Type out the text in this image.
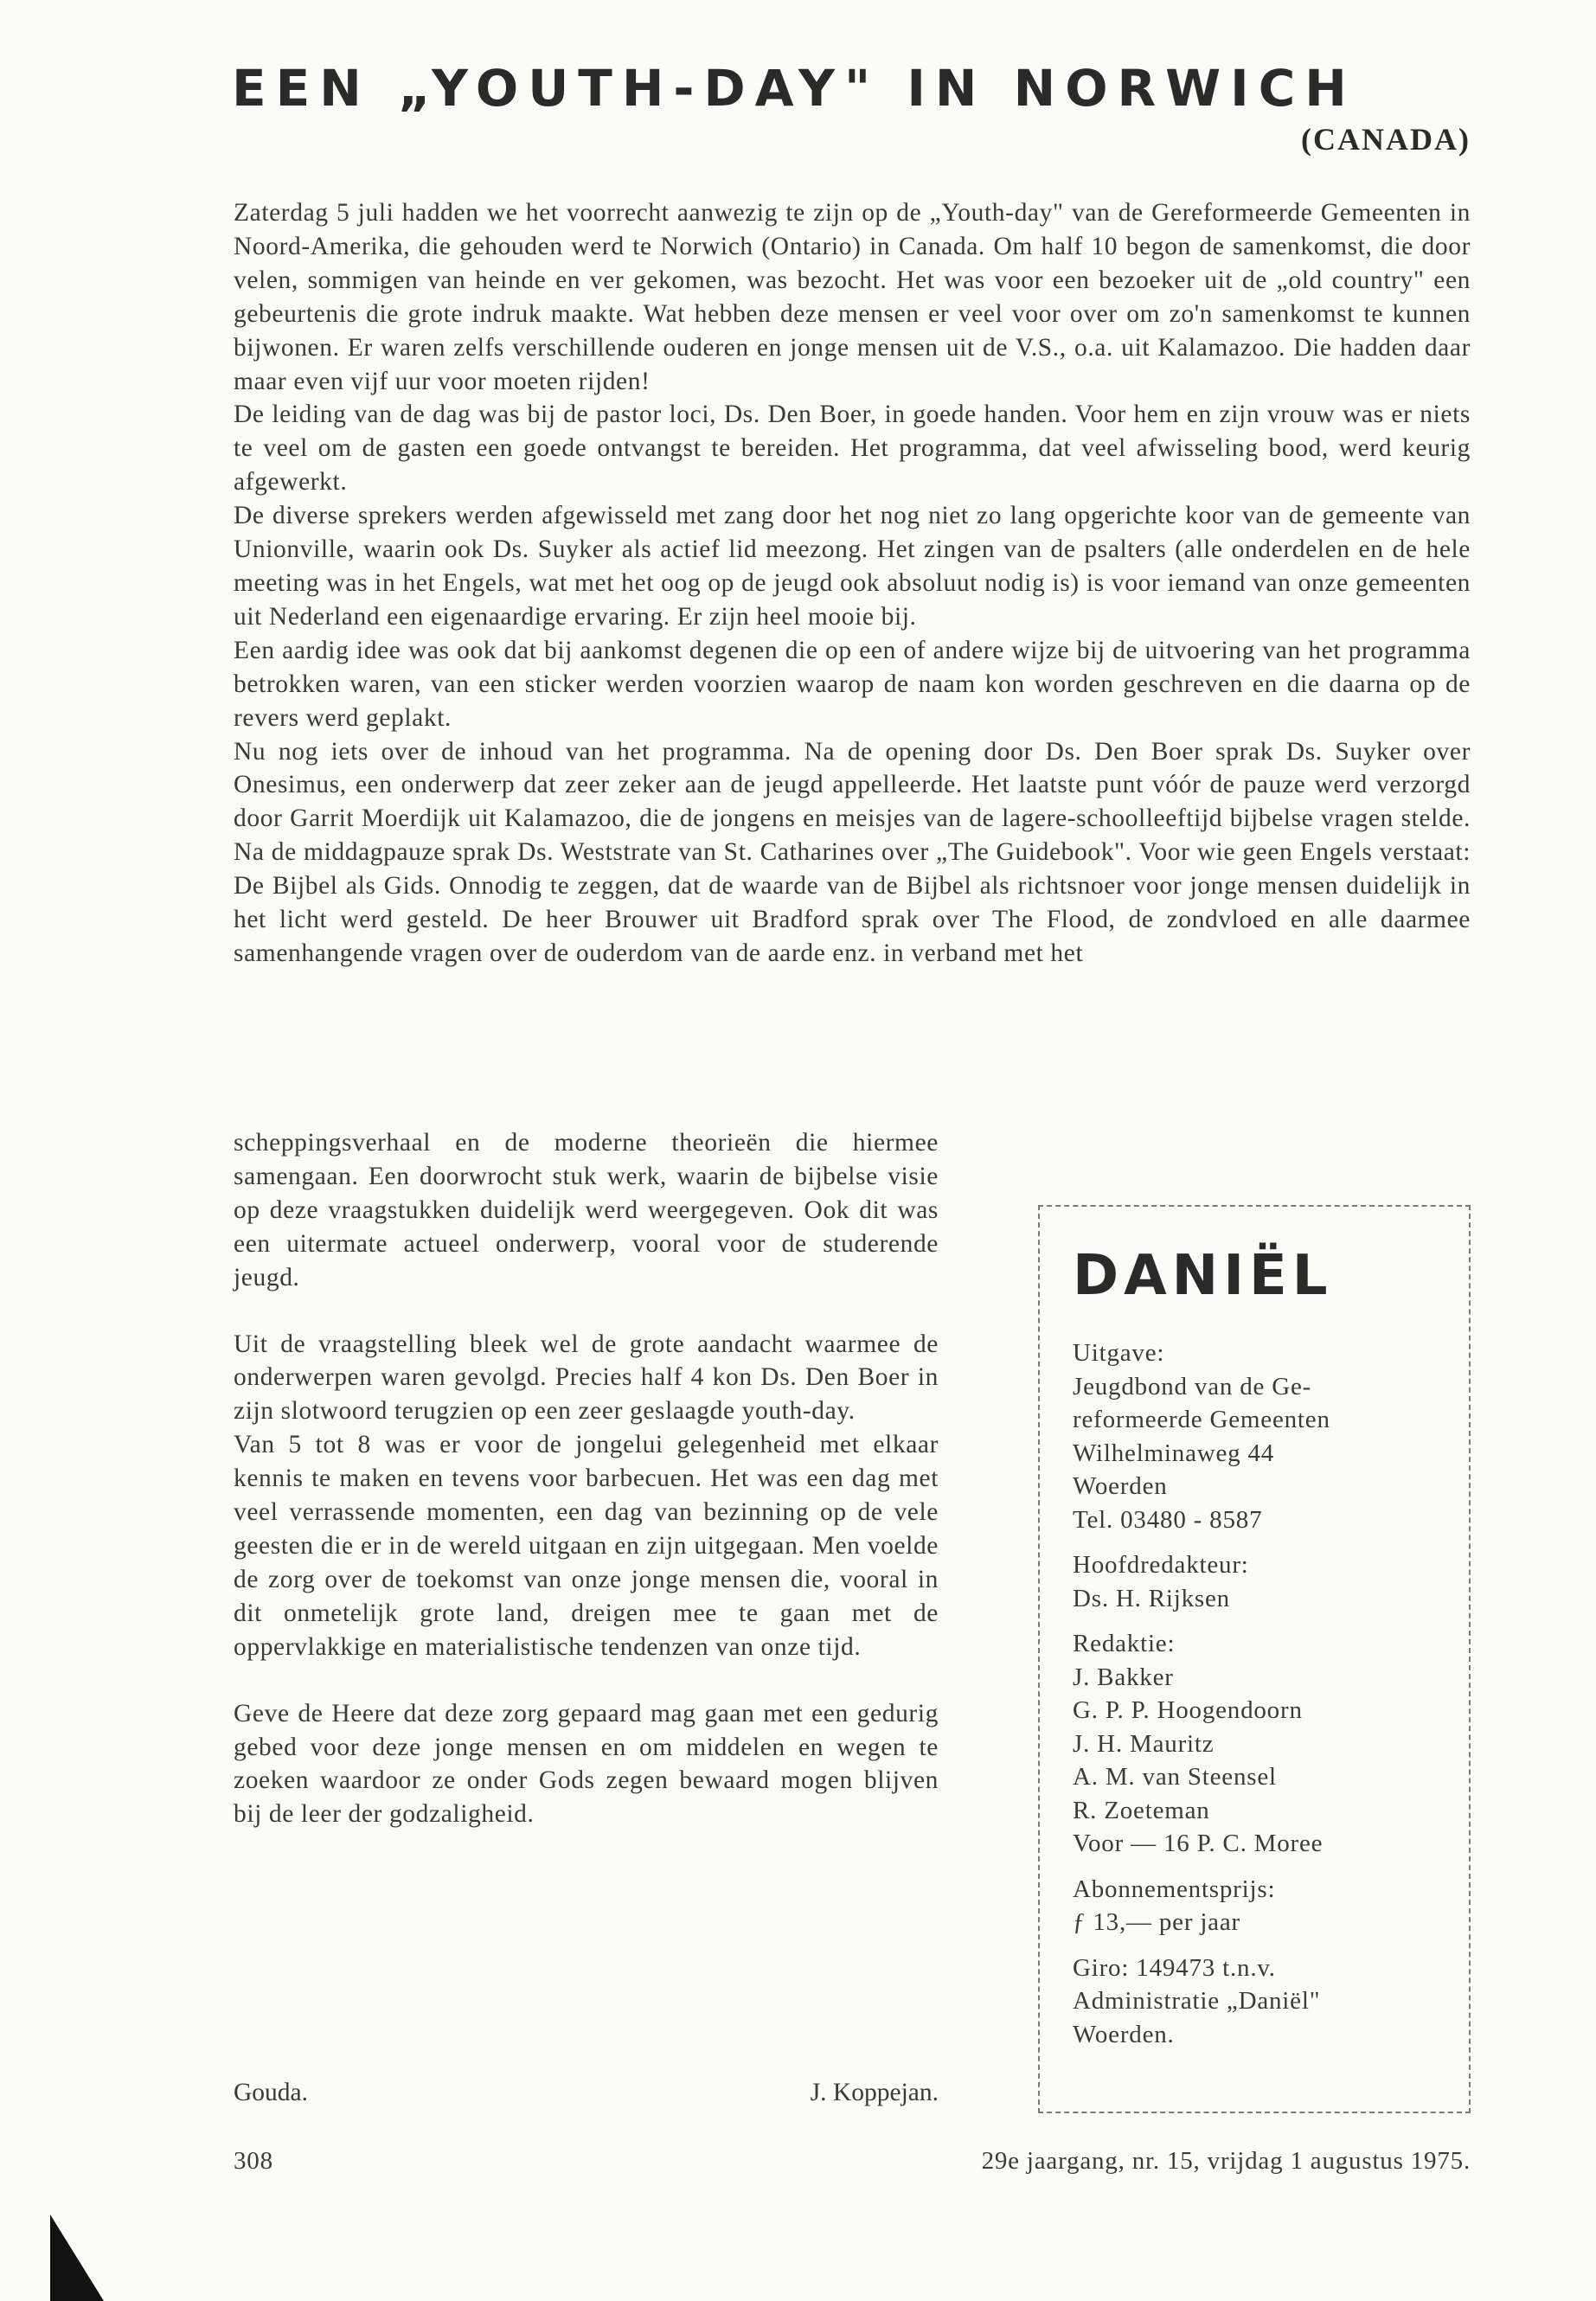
EEN „YOUTH-DAY" IN NORWICH
(CANADA)

Zaterdag 5 juli hadden we het voorrecht aanwezig te zijn op de „Youth-day" van de Gereformeerde Gemeenten in Noord-Amerika, die gehouden werd te Norwich (Ontario) in Canada. Om half 10 begon de samenkomst, die door velen, sommigen van heinde en ver gekomen, was bezocht. Het was voor een bezoeker uit de „old country" een gebeurtenis die grote indruk maakte. Wat hebben deze mensen er veel voor over om zo'n samenkomst te kunnen bijwonen. Er waren zelfs verschillende ouderen en jonge mensen uit de V.S., o.a. uit Kalamazoo. Die hadden daar maar even vijf uur voor moeten rijden!

De leiding van de dag was bij de pastor loci, Ds. Den Boer, in goede handen. Voor hem en zijn vrouw was er niets te veel om de gasten een goede ontvangst te bereiden. Het programma, dat veel afwisseling bood, werd keurig afgewerkt.

De diverse sprekers werden afgewisseld met zang door het nog niet zo lang opgerichte koor van de gemeente van Unionville, waarin ook Ds. Suyker als actief lid meezong. Het zingen van de psalters (alle onderdelen en de hele meeting was in het Engels, wat met het oog op de jeugd ook absoluut nodig is) is voor iemand van onze gemeenten uit Nederland een eigenaardige ervaring. Er zijn heel mooie bij.

Een aardig idee was ook dat bij aankomst degenen die op een of andere wijze bij de uitvoering van het programma betrokken waren, van een sticker werden voorzien waarop de naam kon worden geschreven en die daarna op de revers werd geplakt.

Nu nog iets over de inhoud van het programma. Na de opening door Ds. Den Boer sprak Ds. Suyker over Onesimus, een onderwerp dat zeer zeker aan de jeugd appelleerde. Het laatste punt vóór de pauze werd verzorgd door Garrit Moerdijk uit Kalamazoo, die de jongens en meisjes van de lagere-schoolleeftijd bijbelse vragen stelde. Na de middagpauze sprak Ds. Weststrate van St. Catharines over „The Guidebook". Voor wie geen Engels verstaat: De Bijbel als Gids. Onnodig te zeggen, dat de waarde van de Bijbel als richtsnoer voor jonge mensen duidelijk in het licht werd gesteld. De heer Brouwer uit Bradford sprak over The Flood, de zondvloed en alle daarmee samenhangende vragen over de ouderdom van de aarde enz. in verband met het

scheppingsverhaal en de moderne theorieën die hiermee samengaan. Een doorwrocht stuk werk, waarin de bijbelse visie op deze vraagstukken duidelijk werd weergegeven. Ook dit was een uitermate actueel onderwerp, vooral voor de studerende jeugd.

Uit de vraagstelling bleek wel de grote aandacht waarmee de onderwerpen waren gevolgd. Precies half 4 kon Ds. Den Boer in zijn slotwoord terugzien op een zeer geslaagde youth-day.

Van 5 tot 8 was er voor de jongelui gelegenheid met elkaar kennis te maken en tevens voor barbecuen. Het was een dag met veel verrassende momenten, een dag van bezinning op de vele geesten die er in de wereld uitgaan en zijn uitgegaan. Men voelde de zorg over de toekomst van onze jonge mensen die, vooral in dit onmetelijk grote land, dreigen mee te gaan met de oppervlakkige en materialistische tendenzen van onze tijd.

Geve de Heere dat deze zorg gepaard mag gaan met een gedurig gebed voor deze jonge mensen en om middelen en wegen te zoeken waardoor ze onder Gods zegen bewaard mogen blijven bij de leer der godzaligheid.

Gouda.	J. Koppejan.
DANIËL

Uitgave:

Jeugdbond van de Ge-

reformeerde Gemeenten

Wilhelminaweg 44

Woerden

Tel. 03480 - 8587

Hoofdredakteur:

Ds. H. Rijksen

Redaktie:

J. Bakker

G. P. P. Hoogendoorn

J. H. Mauritz

A. M. van Steensel

R. Zoeteman

Voor — 16 P. C. Moree

Abonnementsprijs:

ƒ 13,— per jaar

Giro: 149473 t.n.v.

Administratie „Daniël"

Woerden.

308	29e jaargang, nr. 15, vrijdag 1 augustus 1975.
